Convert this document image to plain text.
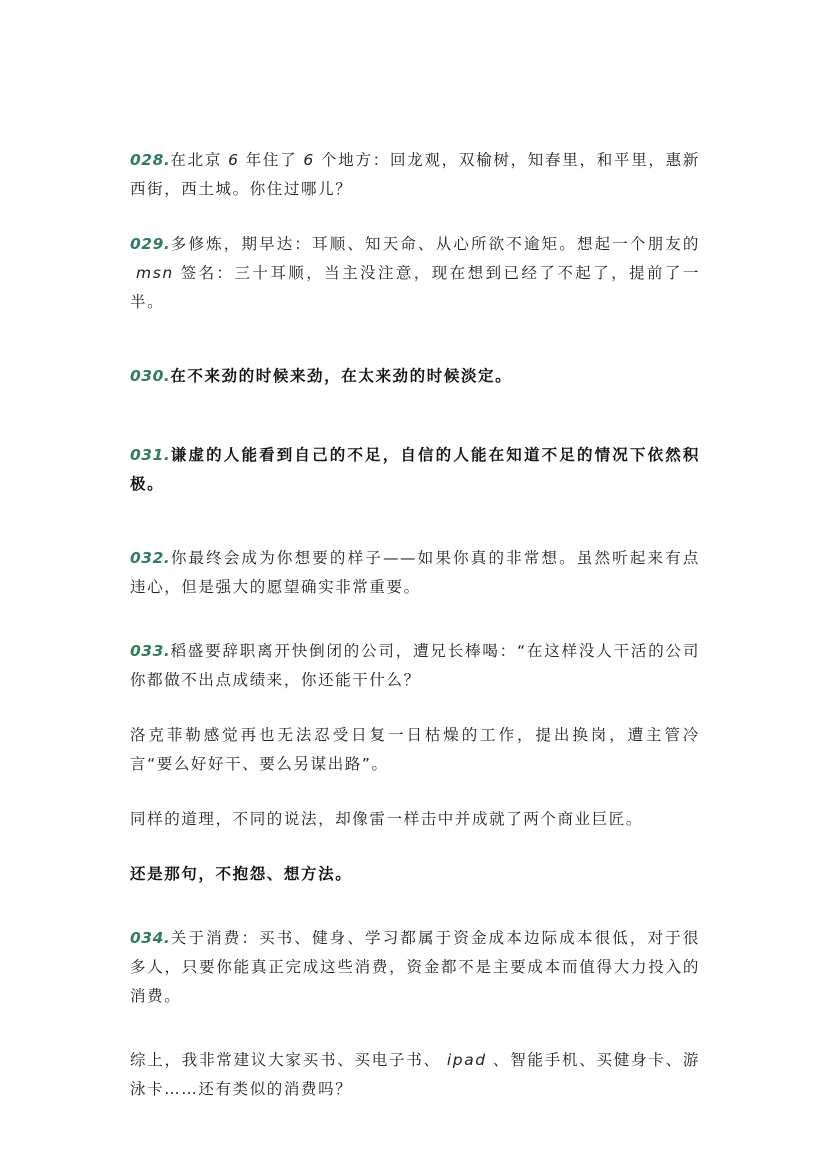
028.在北京 6 年住了 6 个地方：回龙观，双榆树，知春里，和平里，惠新西街，西土城。你住过哪儿？

029.多修炼，期早达：耳顺、知天命、从心所欲不逾矩。想起一个朋友的msn 签名：三十耳顺，当主没注意，现在想到已经了不起了，提前了一半。

030.在不来劲的时候来劲，在太来劲的时候淡定。

031.谦虚的人能看到自己的不足，自信的人能在知道不足的情况下依然积极。

032.你最终会成为你想要的样子——如果你真的非常想。虽然听起来有点违心，但是强大的愿望确实非常重要。

033.稻盛要辞职离开快倒闭的公司，遭兄长棒喝：“在这样没人干活的公司你都做不出点成绩来，你还能干什么？

洛克菲勒感觉再也无法忍受日复一日枯燥的工作，提出换岗，遭主管冷言“要么好好干、要么另谋出路”。

同样的道理，不同的说法，却像雷一样击中并成就了两个商业巨匠。

还是那句，不抱怨、想方法。

034.关于消费：买书、健身、学习都属于资金成本边际成本很低，对于很多人，只要你能真正完成这些消费，资金都不是主要成本而值得大力投入的消费。

综上，我非常建议大家买书、买电子书、 ipad 、智能手机、买健身卡、游泳卡……还有类似的消费吗？
